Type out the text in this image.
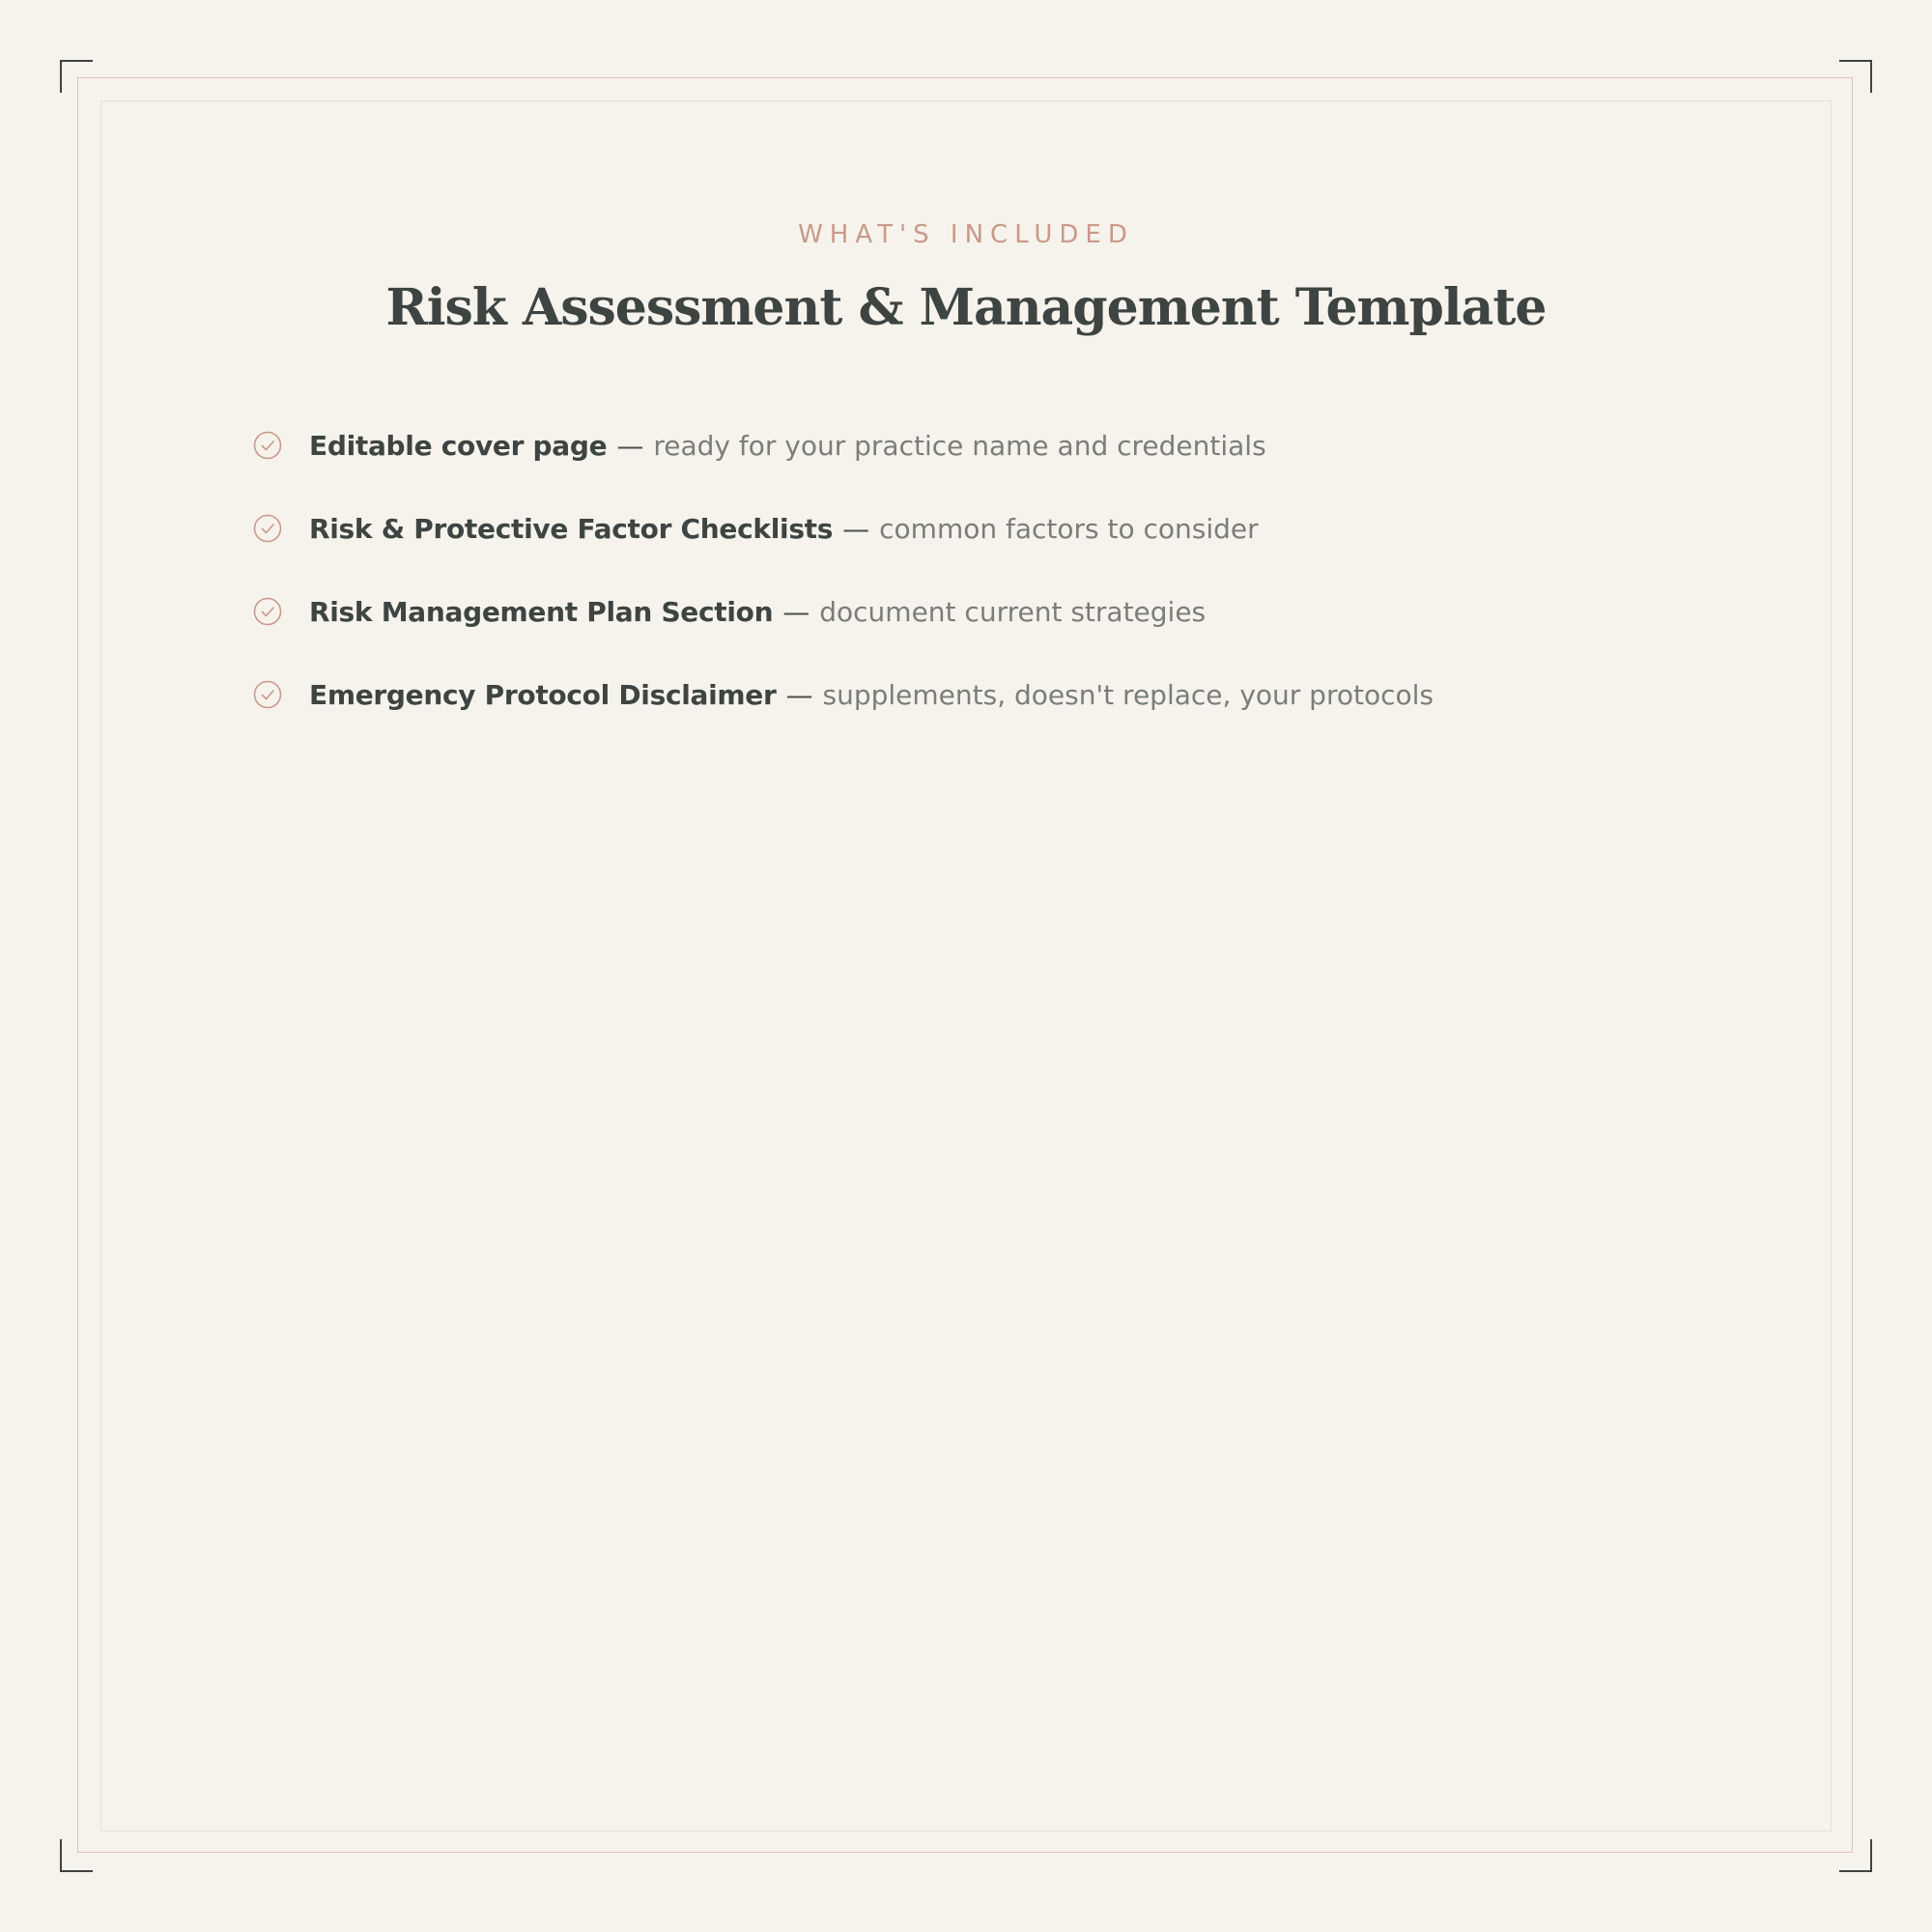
WHAT'S INCLUDED
Risk Assessment & Management Template
Editable cover page — ready for your practice name and credentials
Risk & Protective Factor Checklists — common factors to consider
Risk Management Plan Section — document current strategies
Emergency Protocol Disclaimer — supplements, doesn't replace, your protocols
